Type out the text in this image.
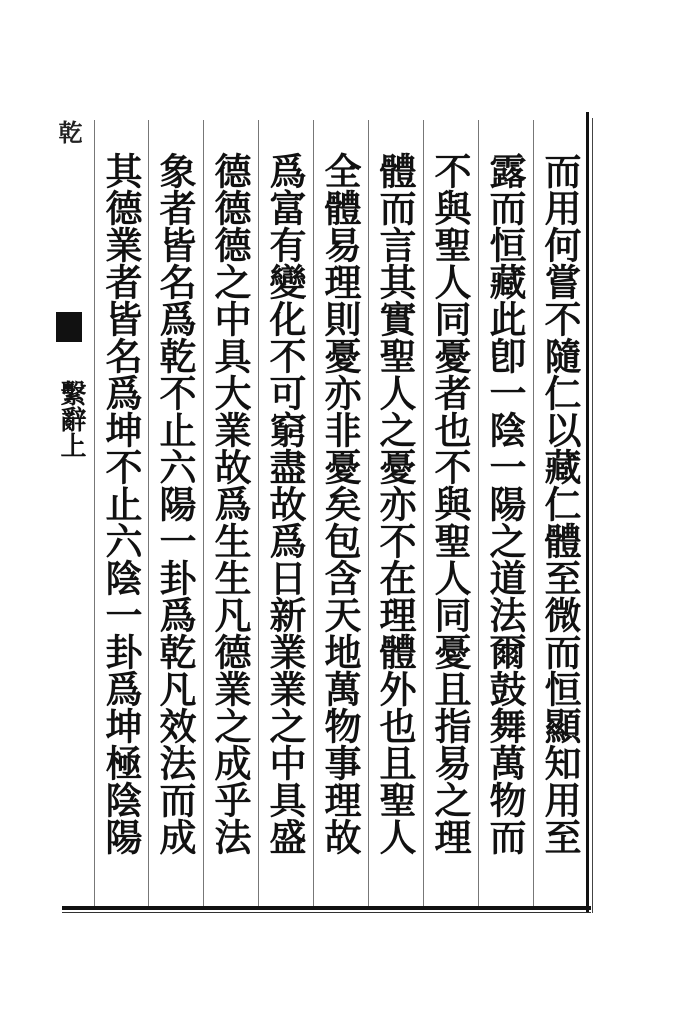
乾
繫辭上	而用何嘗不隨仁以藏仁體至微而恒顯知用至
露而恒藏此卽一陰一陽之道法爾鼓舞萬物而
不與聖人同憂者也不與聖人同憂且指易之理
體而言其實聖人之憂亦不在理體外也且聖人
全體易理則憂亦非憂矣包含天地萬物事理故
爲富有變化不可窮盡故爲日新業業之中具盛
德德德之中具大業故爲生生凡德業之成乎法
象者皆名爲乾不止六陽一卦爲乾凡效法而成
其德業者皆名爲坤不止六陰一卦爲坤極陰陽
